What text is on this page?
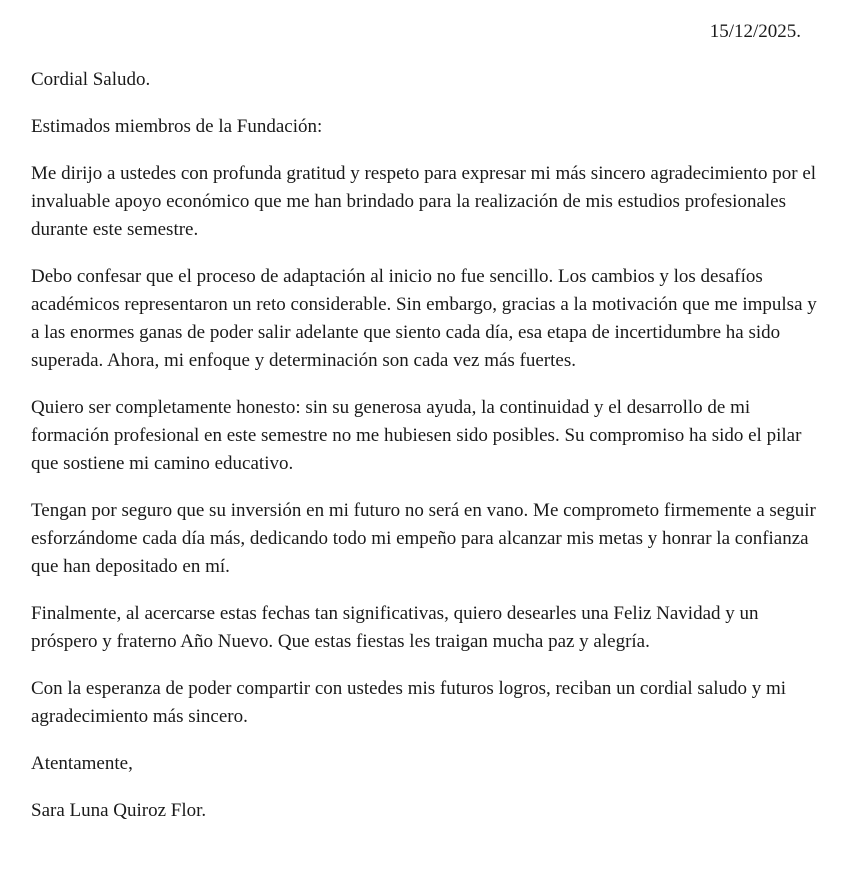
15/12/2025.

Cordial Saludo.

Estimados miembros de la Fundación:

Me dirijo a ustedes con profunda gratitud y respeto para expresar mi más sincero agradecimiento por el invaluable apoyo económico que me han brindado para la realización de mis estudios profesionales durante este semestre.

Debo confesar que el proceso de adaptación al inicio no fue sencillo. Los cambios y los desafíos académicos representaron un reto considerable. Sin embargo, gracias a la motivación que me impulsa y a las enormes ganas de poder salir adelante que siento cada día, esa etapa de incertidumbre ha sido superada. Ahora, mi enfoque y determinación son cada vez más fuertes.

Quiero ser completamente honesto: sin su generosa ayuda, la continuidad y el desarrollo de mi formación profesional en este semestre no me hubiesen sido posibles. Su compromiso ha sido el pilar que sostiene mi camino educativo.

Tengan por seguro que su inversión en mi futuro no será en vano. Me comprometo firmemente a seguir esforzándome cada día más, dedicando todo mi empeño para alcanzar mis metas y honrar la confianza que han depositado en mí.

Finalmente, al acercarse estas fechas tan significativas, quiero desearles una Feliz Navidad y un próspero y fraterno Año Nuevo. Que estas fiestas les traigan mucha paz y alegría.

Con la esperanza de poder compartir con ustedes mis futuros logros, reciban un cordial saludo y mi agradecimiento más sincero.

Atentamente,

Sara Luna Quiroz Flor.
